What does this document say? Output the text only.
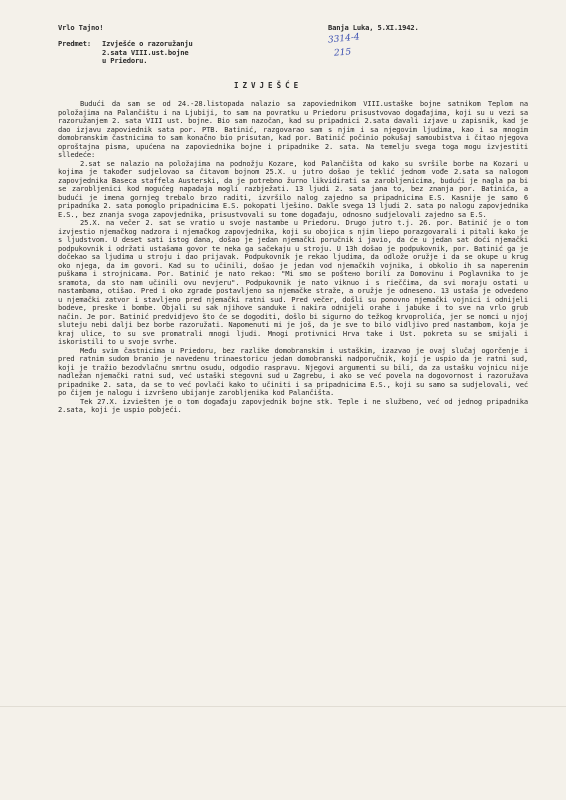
Vrlo Tajno!	Banja Luka, 5.XI.1942.
Predmet: Izvješće o razoružanju
2.sata VIII.ust.bojne
u Priedoru.
IZVJEŠĆE
Budući da sam se od 24.-28.listopada nalazio sa zapoviednikom VIII.ustaške bojne satnikom Teplom na položajima na Palančištu i na Ljubiji, to sam na povratku u Priedoru prisustvovao događajima, koji su u vezi sa razoružanjem 2. sata VIII ust. bojne. Bio sam nazočan, kad su pripadnici 2.sata davali izjave u zapisnik, kad je dao izjavu zapoviednik sata por. PTB. Batinić, razgovarao sam s njim i sa njegovim ljudima, kao i sa mnogim domobranskim častnicima to sam konačno bio prisutan, kad por. Batinić počinio pokušaj samoubistva i čitao njegova oproštajna pisma, upućena na zapoviednika bojne i pripadnike 2. sata. Na temelju svega toga mogu izvjestiti slledeće:
2.sat se nalazio na položajima na podnožju Kozare, kod Palančišta od kako su svršile borbe na Kozari u kojima je također sudjelovao sa čitavom bojnom 25.X. u jutro došao je teklić jednom vođe 2.sata sa nalogom zapovjednika Baseca staffela Austerski, da je potrebno žurno likvidirati sa zarobljenicima, budući je nagla pa bi se zarobljenici kod mogućeg napadaja mogli razbježati. 13 ljudi 2. sata jana to, bez znanja por. Batinića, a budući je imena gornjeg trebalo brzo raditi, izvršilo nalog zajedno sa pripadnicima E.S. Kasnije je samo 6 pripadnika 2. sata pomoglo pripadnicima E.S. pokopati lješino. Dakle svega 13 ljudi 2. sata po nalogu zapovjednika E.S., bez znanja svoga zapovjednika, prisustvovali su tome događaju, odnosno sudjelovali zajedno sa E.S.
25.X. na večer 2. sat se vratio u svoje nastambe u Priedoru. Drugo jutro t.j. 26. por. Batinić je o tom izvjestio njemačkog nadzora i njemačkog zapovjednika, koji su obojica s njim liepo porazgovarali i pitali kako je s ljudstvom. U deset sati istog dana, došao je jedan njemački poručnik i javio, da će u jedan sat doći njemački podpukovnik i održati ustašama govor te neka ga sačekaju u stroju. U 13h došao je podpukovnik, por. Batinić ga je dočekao sa ljudima u stroju i dao prijavak. Podpukovnik je rekao ljudima, da odlože oružje i da se okupe u krug oko njega, da im govori. Kad su to učinili, došao je jedan vod njemačkih vojnika, i obkolio ih sa naperenim puškama i strojnicama. Por. Batinić je nato rekao: "Mi smo se poštено borili za Domovinu i Poglavnika to je sramota, da sto nam učinili ovu nevjeru". Podpukovnik je nato viknuo i s rieččima, da svi moraju ostati u nastambama, otišao. Pred i oko zgrade postavljeno sa njemačke straže, a oružje je odneseno. 13 ustaša je odvedeno u njemački zatvor i stavljeno pred njemački ratni sud. Pred večer, došli su ponovno njemački vojnici i odnijeli bodeve, preske i bombe. Objali su sak njihove sanduke i nakira odnijeli orahe i jabuke i to sve na vrlo grub način. Je por. Batinić predvidjevo što će se dogoditi, došlo bi sigurno do težkog krvoprolića, jer se nomci u njoj sluteju nebi dalji bez borbe razoružati. Napomenuti mi je još, da je sve to bilo vidljivo pred nastambom, koja je kraj ulice, to su sve promatrali mnogi ljudi. Mnogi protivnici Hrva take i Ust. pokreta su se smijali i iskoristili to u svoje svrhe.
Među svim častnicima u Priedoru, bez razlike domobranskim i ustaškim, izazvao je ovaj slučaj ogorčenje i pred ratnim sudom branio je navedenu trinaestoricu jedan domobranski nadporučnik, koji je uspio da je ratni sud, koji je tražio bezodvlačnu smrtnu osudu, odgodio raspravu. Njegovi argumenti su bili, da za ustašku vojnicu nije nadležan njemački ratni sud, već ustaški stegovni sud u Zagrebu, i ako se već povela na dogovornost i razoružava pripadnike 2. sata, da se to već povlači kako to učiniti i sa pripadnicima E.S., koji su samo sa sudjelovali, već po čijem je nalogu i izvršeno ubijanje zarobljenika kod Palančišta.
Tek 27.X. izviešten je o tom događaju zapovjednik bojne stk. Teple i ne službeno, već od jednog pripadnika 2.sata, koji je uspio pobjeći.
3314-4
215
